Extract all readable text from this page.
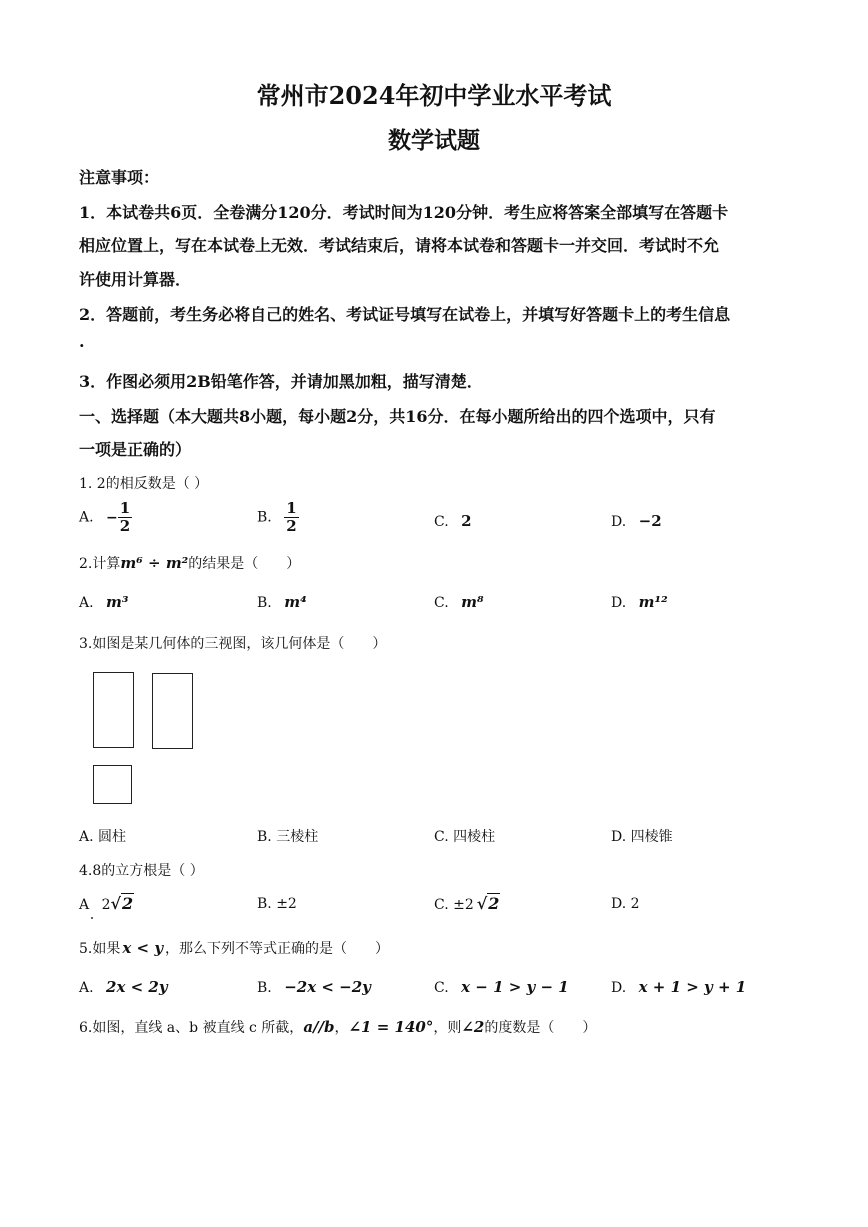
常州市2024年初中学业水平考试
数学试题
注意事项：
1．本试卷共6页．全卷满分120分．考试时间为120分钟．考生应将答案全部填写在答题卡
相应位置上，写在本试卷上无效．考试结束后，请将本试卷和答题卡一并交回．考试时不允
许使用计算器．
2．答题前，考生务必将自己的姓名、考试证号填写在试卷上，并填写好答题卡上的考生信息
.
3．作图必须用2B铅笔作答，并请加黑加粗，描写清楚．
一、选择题（本大题共8小题，每小题2分，共16分．在每小题所给出的四个选项中，只有
一项是正确的）
1. 2的相反数是（ ）
A. − $\frac{1}{2}$	B. $\frac{1}{2}$	C. 2	D. −2
2.计算m⁶ ÷ m²的结果是（　　）
A. m³	B. m⁴	C. m⁸	D. m¹²
3.如图是某几何体的三视图，该几何体是（　　）
A. 圆柱	B. 三棱柱	C. 四棱柱	D. 四棱锥
4.8的立方根是（ ）
A 2√2	B. ±2	C. ±2 √2	D. 2
5.如果 x < y ，那么下列不等式正确的是（　　）
A. 2x < 2y	B. −2x < −2y	C. x − 1 > y − 1	D. x + 1 > y + 1
6.如图，直线 a、b 被直线 c 所截，a//b，∠1 = 140°，则∠2的度数是（　　）
